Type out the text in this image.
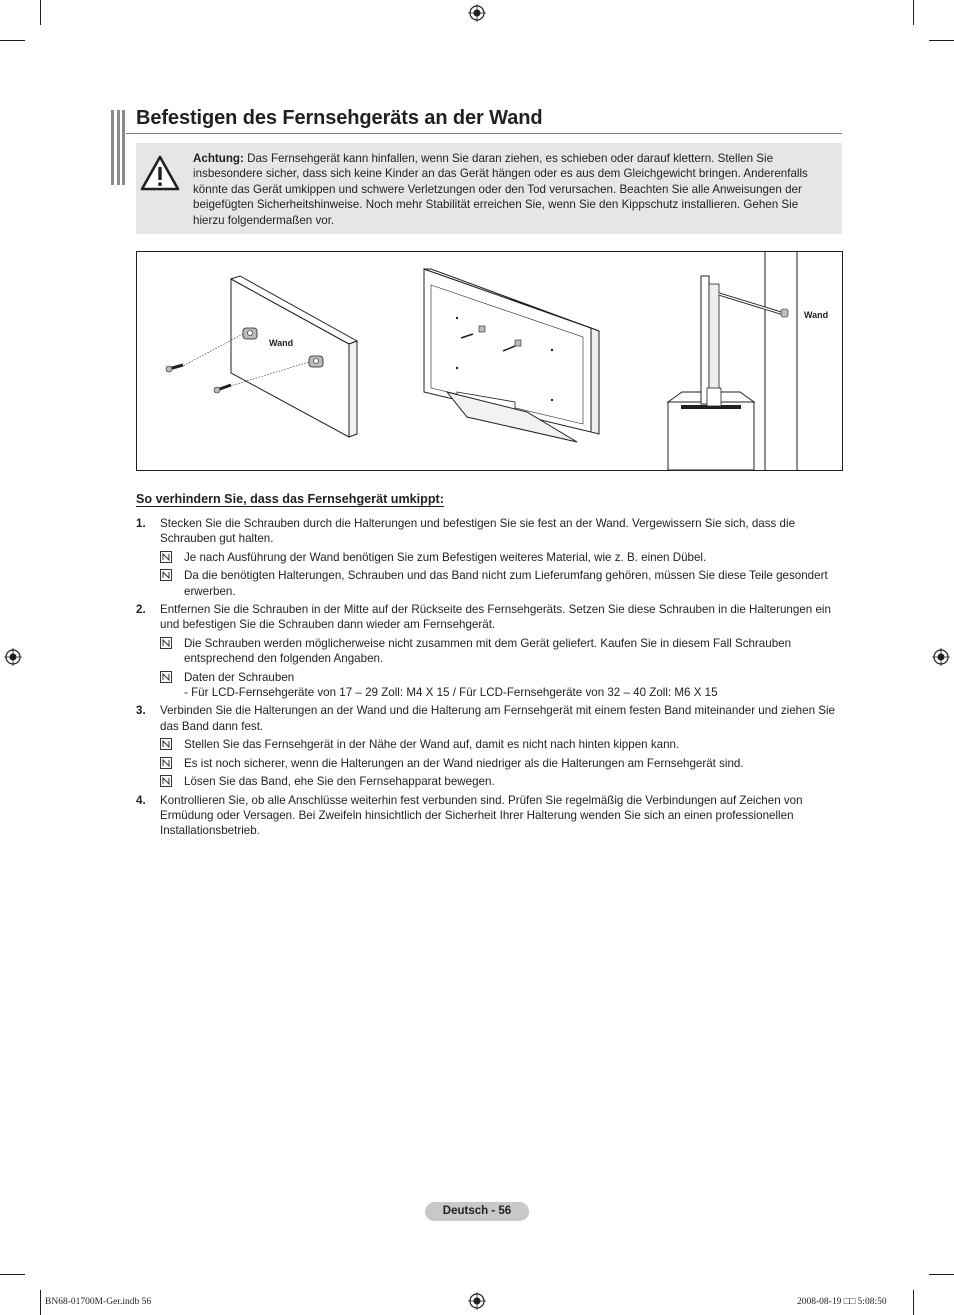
Befestigen des Fernsehgeräts an der Wand

Achtung: Das Fernsehgerät kann hinfallen, wenn Sie daran ziehen, es schieben oder darauf klettern. Stellen Sie insbesondere sicher, dass sich keine Kinder an das Gerät hängen oder es aus dem Gleichgewicht bringen. Anderenfalls könnte das Gerät umkippen und schwere Verletzungen oder den Tod verursachen. Beachten Sie alle Anweisungen der beigefügten Sicherheitshinweise. Noch mehr Stabilität erreichen Sie, wenn Sie den Kippschutz installieren. Gehen Sie hierzu folgendermaßen vor.

Wand
Wand
So verhindern Sie, dass das Fernsehgerät umkippt:
1. Stecken Sie die Schrauben durch die Halterungen und befestigen Sie sie fest an der Wand. Vergewissern Sie sich, dass die Schrauben gut halten.
Je nach Ausführung der Wand benötigen Sie zum Befestigen weiteres Material, wie z. B. einen Dübel.
Da die benötigten Halterungen, Schrauben und das Band nicht zum Lieferumfang gehören, müssen Sie diese Teile gesondert erwerben.
2. Entfernen Sie die Schrauben in der Mitte auf der Rückseite des Fernsehgeräts. Setzen Sie diese Schrauben in die Halterungen ein und befestigen Sie die Schrauben dann wieder am Fernsehgerät.
Die Schrauben werden möglicherweise nicht zusammen mit dem Gerät geliefert. Kaufen Sie in diesem Fall Schrauben entsprechend den folgenden Angaben.
Daten der Schrauben
- Für LCD-Fernsehgeräte von 17 – 29 Zoll: M4 X 15 / Für LCD-Fernsehgeräte von 32 – 40 Zoll: M6 X 15
3. Verbinden Sie die Halterungen an der Wand und die Halterung am Fernsehgerät mit einem festen Band miteinander und ziehen Sie das Band dann fest.
Stellen Sie das Fernsehgerät in der Nähe der Wand auf, damit es nicht nach hinten kippen kann.
Es ist noch sicherer, wenn die Halterungen an der Wand niedriger als die Halterungen am Fernsehgerät sind.
Lösen Sie das Band, ehe Sie den Fernsehapparat bewegen.
4. Kontrollieren Sie, ob alle Anschlüsse weiterhin fest verbunden sind. Prüfen Sie regelmäßig die Verbindungen auf Zeichen von Ermüdung oder Versagen. Bei Zweifeln hinsichtlich der Sicherheit Ihrer Halterung wenden Sie sich an einen professionellen Installationsbetrieb.
Deutsch - 56
BN68-01700M-Ger.indb 56	2008-08-19 □□ 5:08:50
